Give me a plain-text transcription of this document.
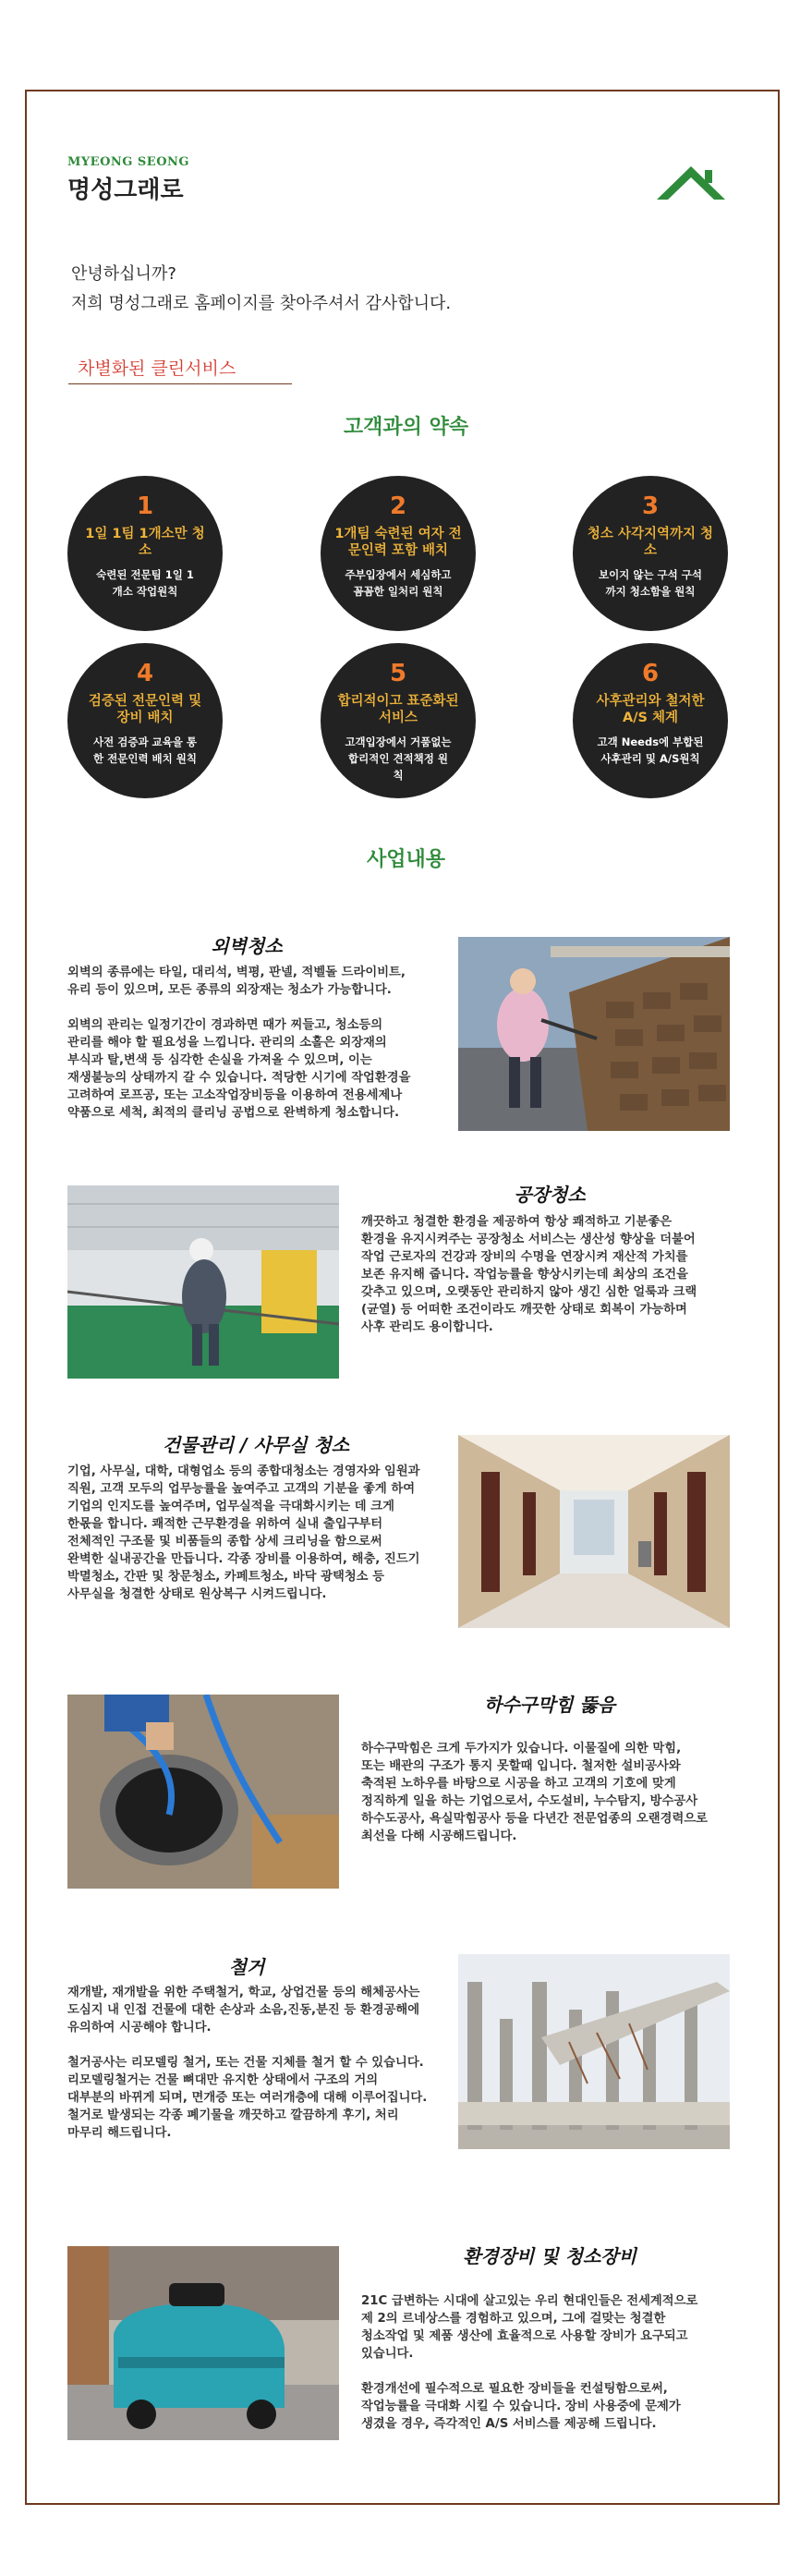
MYEONG SEONG
명성그래로
안녕하십니까?
저희 명성그래로 홈페이지를 찾아주셔서 감사합니다.
차별화된 클린서비스
고객과의 약속
1
1일 1팀 1개소만 청소
숙련된 전문팀 1일 1개소 작업원칙
2
1개팀 숙련된 여자 전문인력 포함 배치
주부입장에서 세심하고 꼼꼼한 일처리 원칙
3
청소 사각지역까지 청소
보이지 않는 구석 구석까지 청소함을 원칙
4
검증된 전문인력 및 장비 배치
사전 검증과 교육을 통한 전문인력 배치 원칙
5
합리적이고 표준화된 서비스
고객입장에서 거품없는 합리적인 견적책정 원칙
6
사후관리와 철저한 A/S 체계
고객 Needs에 부합된 사후관리 및 A/S원칙
사업내용
외벽청소
외벽의 종류에는 타일, 대리석, 벽평, 판넬, 적벨돌 드라이비트,
유리 등이 있으며, 모든 종류의 외장재는 청소가 가능합니다.

외벽의 관리는 일정기간이 경과하면 때가 찌들고, 청소등의
관리를 해야 할 필요성을 느낍니다. 관리의 소홀은 외장재의
부식과 탈,변색 등 심각한 손실을 가져올 수 있으며, 이는
재생불능의 상태까지 갈 수 있습니다. 적당한 시기에 작업환경을
고려하여 로프공, 또는 고소작업장비등을 이용하여 전용세제나
약품으로 세척, 최적의 클리닝 공법으로 완벽하게 청소합니다.
공장청소
깨끗하고 청결한 환경을 제공하여 항상 쾌적하고 기분좋은
환경을 유지시켜주는 공장청소 서비스는 생산성 향상을 더불어
작업 근로자의 건강과 장비의 수명을 연장시켜 재산적 가치를
보존 유지해 줍니다. 작업능률을 향상시키는데 최상의 조건을
갖추고 있으며, 오랫동안 관리하지 않아 생긴 심한 얼룩과 크랙
(균열) 등 어떠한 조건이라도 깨끗한 상태로 회복이 가능하며
사후 관리도 용이합니다.
건물관리 / 사무실 청소
기업, 사무실, 대학, 대형업소 등의 종합대청소는 경영자와 임원과
직원, 고객 모두의 업무능률을 높여주고 고객의 기분을 좋게 하여
기업의 인지도를 높여주며, 업무실적을 극대화시키는 데 크게
한몫을 합니다. 쾌적한 근무환경을 위하여 실내 출입구부터
전체적인 구조물 및 비품들의 종합 상세 크리닝을 함으로써
완벽한 실내공간을 만듭니다. 각종 장비를 이용하여, 해충, 진드기
박멸청소, 간판 및 창문청소, 카페트청소, 바닥 광택청소 등
사무실을 청결한 상태로 원상복구 시켜드립니다.
하수구막힘 뚫음
하수구막힘은 크게 두가지가 있습니다. 이물질에 의한 막힘,
또는 배관의 구조가 통지 못할때 입니다. 철저한 설비공사와
축적된 노하우를 바탕으로 시공을 하고 고객의 기호에 맞게
정직하게 일을 하는 기업으로서, 수도설비, 누수탐지, 방수공사
하수도공사, 욕실막힘공사 등을 다년간 전문업종의 오랜경력으로
최선을 다해 시공해드립니다.
철거
재개발, 재개발을 위한 주택철거, 학교, 상업건물 등의 해체공사는
도심지 내 인접 건물에 대한 손상과 소음,진동,분진 등 환경공해에
유의하여 시공해야 합니다.

철거공사는 리모델링 철거, 또는 건물 지체를 철거 할 수 있습니다.
리모델링철거는 건물 뼈대만 유지한 상태에서 구조의 거의
대부분의 바뀌게 되며, 면개증 또는 여러개층에 대해 이루어집니다.
철거로 발생되는 각종 폐기물을 깨끗하고 깔끔하게 후기, 처리
마무리 해드립니다.
환경장비 및 청소장비
21C 급변하는 시대에 살고있는 우리 현대인들은 전세계적으로
제 2의 르네상스를 경험하고 있으며, 그에 걸맞는 청결한
청소작업 및 제품 생산에 효율적으로 사용할 장비가 요구되고
있습니다.

환경개선에 필수적으로 필요한 장비들을 컨설팅함으로써,
작업능률을 극대화 시킬 수 있습니다. 장비 사용중에 문제가
생겼을 경우, 즉각적인 A/S 서비스를 제공해 드립니다.
